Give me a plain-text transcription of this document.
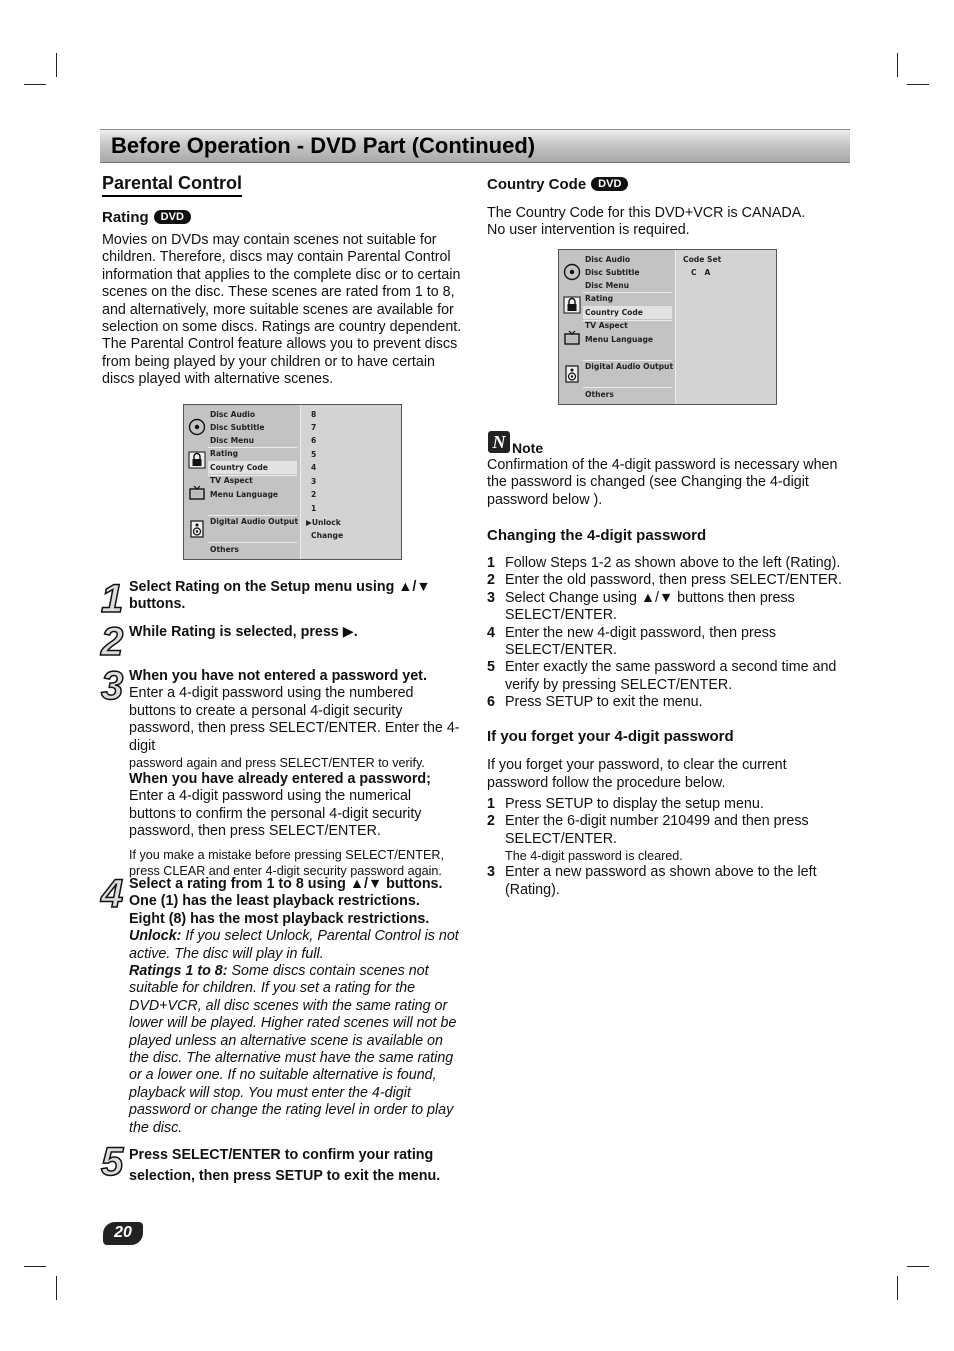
Before Operation - DVD Part (Continued)
Parental Control
Rating DVD
Movies on DVDs may contain scenes not suitable for children. Therefore, discs may contain Parental Control information that applies to the complete disc or to certain scenes on the disc. These scenes are rated from 1 to 8, and alternatively, more suitable scenes are available for selection on some discs. Ratings are country dependent. The Parental Control feature allows you to prevent discs from being played by your children or to have certain discs played with alternative scenes.
Disc Audio
Disc Subtitle
Disc Menu
Rating
Country Code
TV Aspect
Menu Language
Digital Audio Output
Others
8
7
6
5
4
3
2
1
▶Unlock
Change
1 Select Rating on the Setup menu using ▲/▼ buttons.
2 While Rating is selected, press ▶.
3 When you have not entered a password yet.
Enter a 4-digit password using the numbered buttons to create a personal 4-digit security password, then press SELECT/ENTER. Enter the 4-digit
password again and press SELECT/ENTER to verify.
When you have already entered a password;
Enter a 4-digit password using the numerical buttons to confirm the personal 4-digit security password, then press SELECT/ENTER.
If you make a mistake before pressing SELECT/ENTER, press CLEAR and enter 4-digit security password again.
4 Select a rating from 1 to 8 using ▲/▼ buttons. One (1) has the least playback restrictions. Eight (8) has the most playback restrictions.
Unlock: If you select Unlock, Parental Control is not active. The disc will play in full.
Ratings 1 to 8: Some discs contain scenes not suitable for children. If you set a rating for the DVD+VCR, all disc scenes with the same rating or lower will be played. Higher rated scenes will not be played unless an alternative scene is available on the disc. The alternative must have the same rating or a lower one. If no suitable alternative is found, playback will stop. You must enter the 4-digit password or change the rating level in order to play the disc.
5 Press SELECT/ENTER to confirm your rating selection, then press SETUP to exit the menu.
20
Country Code DVD
The Country Code for this DVD+VCR is CANADA.
No user intervention is required.
Disc Audio
Disc Subtitle
Disc Menu
Rating
Country Code
TV Aspect
Menu Language
Digital Audio Output
Others
Code Set
C   A
N Note
Confirmation of the 4-digit password is necessary when the password is changed (see Changing the 4-digit password below ).
Changing the 4-digit password
1 Follow Steps 1-2 as shown above to the left (Rating).
2 Enter the old password, then press SELECT/ENTER.
3 Select Change using ▲/▼ buttons then press SELECT/ENTER.
4 Enter the new 4-digit password, then press SELECT/ENTER.
5 Enter exactly the same password a second time and verify by pressing SELECT/ENTER.
6 Press SETUP to exit the menu.
If you forget your 4-digit password
If you forget your password, to clear the current password follow the procedure below.
1 Press SETUP to display the setup menu.
2 Enter the 6-digit number 210499 and then press SELECT/ENTER.
The 4-digit password is cleared.
3 Enter a new password as shown above to the left (Rating).
